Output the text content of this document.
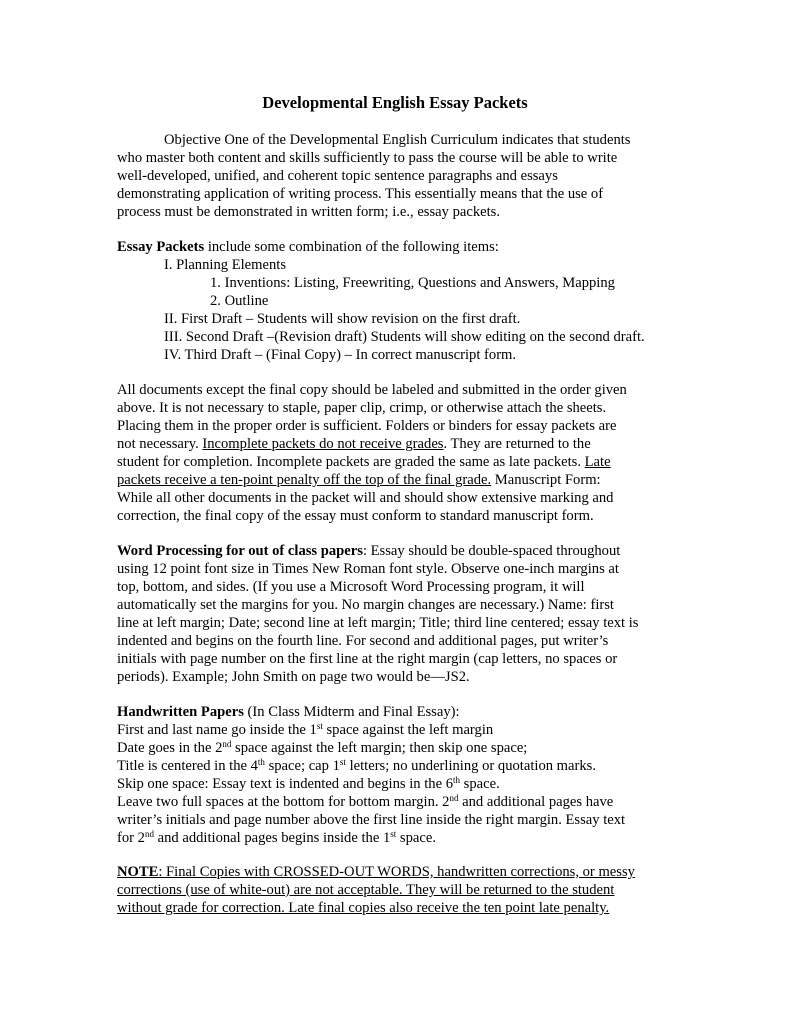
Developmental English Essay Packets
Objective One of the Developmental English Curriculum indicates that students
who master both content and skills sufficiently to pass the course will be able to write
well-developed, unified, and coherent topic sentence paragraphs and essays
demonstrating application of writing process. This essentially means that the use of
process must be demonstrated in written form; i.e., essay packets.
Essay Packets include some combination of the following items:
I. Planning Elements
1. Inventions: Listing, Freewriting, Questions and Answers, Mapping
2. Outline
II. First Draft – Students will show revision on the first draft.
III. Second Draft –(Revision draft) Students will show editing on the second draft.
IV. Third Draft – (Final Copy) – In correct manuscript form.
All documents except the final copy should be labeled and submitted in the order given
above. It is not necessary to staple, paper clip, crimp, or otherwise attach the sheets.
Placing them in the proper order is sufficient. Folders or binders for essay packets are
not necessary. Incomplete packets do not receive grades. They are returned to the
student for completion. Incomplete packets are graded the same as late packets. Late
packets receive a ten-point penalty off the top of the final grade. Manuscript Form:
While all other documents in the packet will and should show extensive marking and
correction, the final copy of the essay must conform to standard manuscript form.
Word Processing for out of class papers: Essay should be double-spaced throughout
using 12 point font size in Times New Roman font style. Observe one-inch margins at
top, bottom, and sides. (If you use a Microsoft Word Processing program, it will
automatically set the margins for you. No margin changes are necessary.) Name: first
line at left margin; Date; second line at left margin; Title; third line centered; essay text is
indented and begins on the fourth line. For second and additional pages, put writer’s
initials with page number on the first line at the right margin (cap letters, no spaces or
periods). Example; John Smith on page two would be—JS2.
Handwritten Papers (In Class Midterm and Final Essay):
First and last name go inside the 1st space against the left margin
Date goes in the 2nd space against the left margin; then skip one space;
Title is centered in the 4th space; cap 1st letters; no underlining or quotation marks.
Skip one space: Essay text is indented and begins in the 6th space.
Leave two full spaces at the bottom for bottom margin. 2nd and additional pages have
writer’s initials and page number above the first line inside the right margin. Essay text
for 2nd and additional pages begins inside the 1st space.
NOTE: Final Copies with CROSSED-OUT WORDS, handwritten corrections, or messy
corrections (use of white-out) are not acceptable. They will be returned to the student
without grade for correction. Late final copies also receive the ten point late penalty.
